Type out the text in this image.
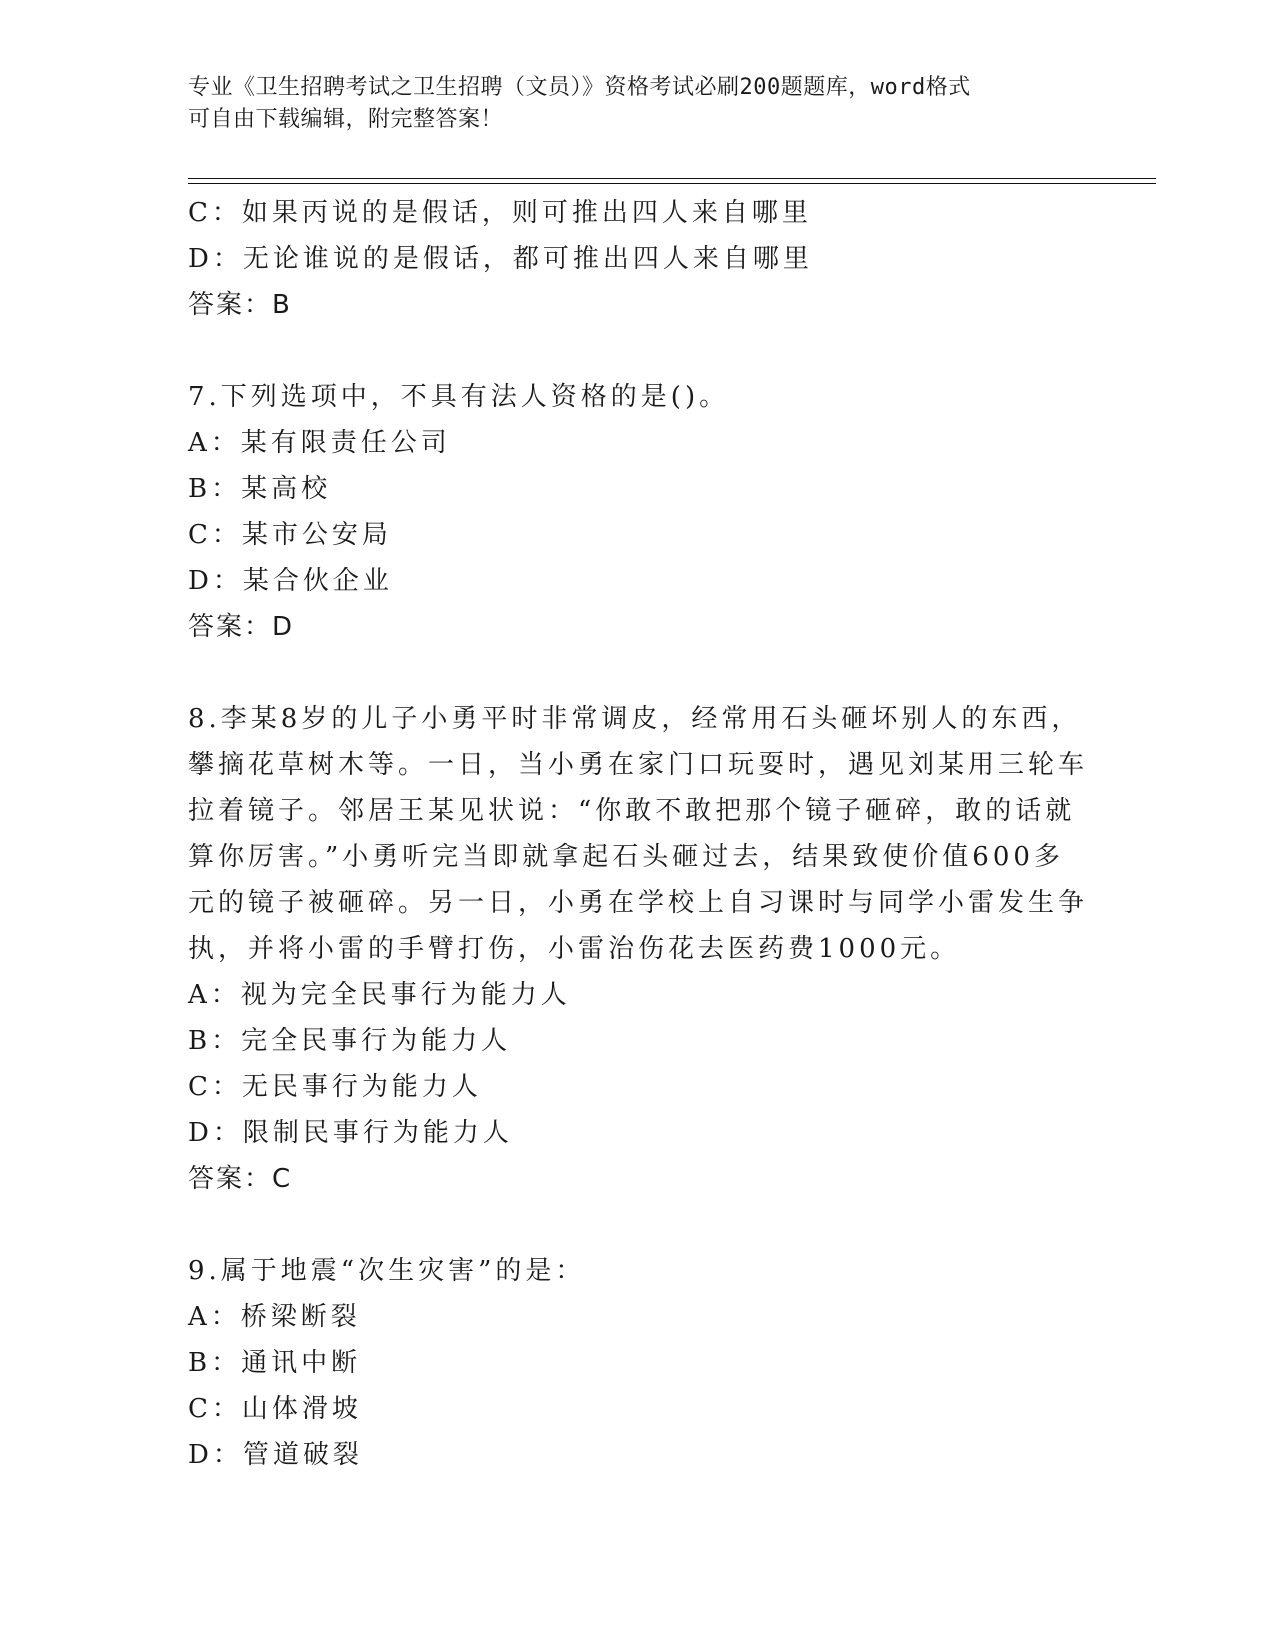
专业《卫生招聘考试之卫生招聘（文员）》资格考试必刷200题题库，word格式
可自由下载编辑，附完整答案！
C：如果丙说的是假话，则可推出四人来自哪里
D：无论谁说的是假话，都可推出四人来自哪里
答案：B
7.下列选项中，不具有法人资格的是()。
A：某有限责任公司
B：某高校
C：某市公安局
D：某合伙企业
答案：D
8.李某8岁的儿子小勇平时非常调皮，经常用石头砸坏别人的东西，
攀摘花草树木等。一日，当小勇在家门口玩耍时，遇见刘某用三轮车
拉着镜子。邻居王某见状说：“你敢不敢把那个镜子砸碎，敢的话就
算你厉害。”小勇听完当即就拿起石头砸过去，结果致使价值600多
元的镜子被砸碎。另一日，小勇在学校上自习课时与同学小雷发生争
执，并将小雷的手臂打伤，小雷治伤花去医药费1000元。
A：视为完全民事行为能力人
B：完全民事行为能力人
C：无民事行为能力人
D：限制民事行为能力人
答案：C
9.属于地震“次生灾害”的是：
A：桥梁断裂
B：通讯中断
C：山体滑坡
D：管道破裂
